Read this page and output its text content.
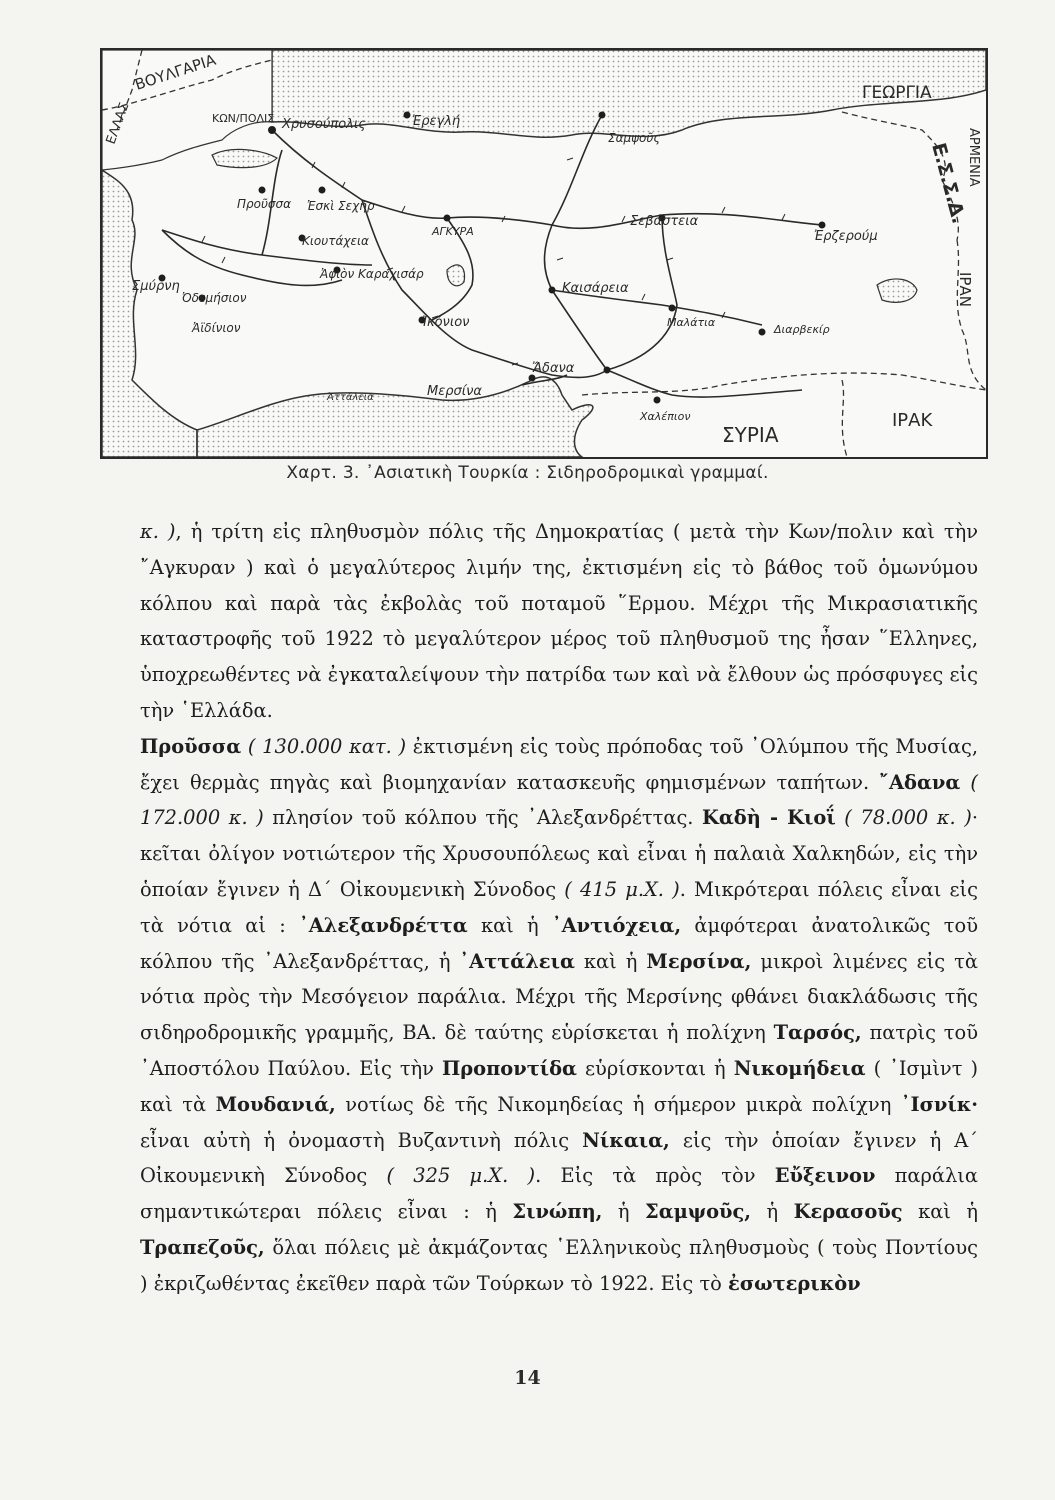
ΒΟΥΛΓΑΡΙΑ
ΕΛΛΑΣ
ΓΕΩΡΓΙΑ
Ε.Σ.Σ.Δ.
ΑΡΜΕΝΙΑ
ΙΡΑΝ
ΣΥΡΙΑ
ΙΡΑΚ
ΚΩΝ/ΠΟΛΙΣ Χρυσούπολις	Ἐρεγλή
Σαμψοῦς
Προῦσσα Ἐσκὶ Σεχὴρ
ΑΓΚΥΡΑ
Κιουτάχεια
Ἀφιὸν Καραχισάρ
Σμύρνη
Ὀδεμήσιον
Ἀϊδίνιον	Ἰκόνιον
Σεβάστεια
Ἐρζερούμ
Καισάρεια
Μαλάτια
Διαρβεκίρ
Ἄδανα
Μερσίνα
Ἀττάλεια
Χαλέπιον
Χαρτ. 3. ᾿Ασιατικὴ Τουρκία : Σιδηροδρομικαὶ γραμμαί.

κ. ), ἡ τρίτη εἰς πληθυσμὸν πόλις τῆς Δημοκρατίας ( μετὰ τὴν Κων/πολιν καὶ τὴν ῎Αγκυραν ) καὶ ὁ μεγαλύτερος λιμήν της, ἐκτισμένη εἰς τὸ βάθος τοῦ ὁμωνύμου κόλπου καὶ παρὰ τὰς ἐκβολὰς τοῦ ποταμοῦ ῞Ερμου. Μέχρι τῆς Μικρασιατικῆς καταστροφῆς τοῦ 1922 τὸ μεγαλύτερον μέρος τοῦ πληθυσμοῦ της ἦσαν ῞Ελληνες, ὑποχρεωθέντες νὰ ἐγκαταλείψουν τὴν πατρίδα των καὶ νὰ ἔλθουν ὡς πρόσφυγες εἰς τὴν ῾Ελλάδα.

Προῦσσα ( 130.000 κατ. ) ἐκτισμένη εἰς τοὺς πρόποδας τοῦ ᾿Ολύμπου τῆς Μυσίας, ἔχει θερμὰς πηγὰς καὶ βιομηχανίαν κατασκευῆς φημισμένων ταπήτων. ῎Αδανα ( 172.000 κ. ) πλησίον τοῦ κόλπου τῆς ᾿Αλεξανδρέττας. Καδὴ - Κιοΐ ( 78.000 κ. )· κεῖται ὀλίγον νοτιώτερον τῆς Χρυσουπόλεως καὶ εἶναι ἡ παλαιὰ Χαλκηδών, εἰς τὴν ὁποίαν ἔγινεν ἡ Δ΄ Οἰκουμενικὴ Σύνοδος ( 415 μ.Χ. ). Μικρότεραι πόλεις εἶναι εἰς τὰ νότια αἱ : ᾿Αλεξανδρέττα καὶ ἡ ᾿Αντιόχεια, ἀμφότεραι ἀνατολικῶς τοῦ κόλπου τῆς ᾿Αλεξανδρέττας, ἡ ᾿Αττάλεια καὶ ἡ Μερσίνα, μικροὶ λιμένες εἰς τὰ νότια πρὸς τὴν Μεσόγειον παράλια. Μέχρι τῆς Μερσίνης φθάνει διακλάδωσις τῆς σιδηροδρομικῆς γραμμῆς, ΒΑ. δὲ ταύτης εὑρίσκεται ἡ πολίχνη Ταρσός, πατρὶς τοῦ ᾿Αποστόλου Παύλου. Εἰς τὴν Προποντίδα εὑρίσκονται ἡ Νικομήδεια ( ᾿Ισμὶντ ) καὶ τὰ Μουδανιά, νοτίως δὲ τῆς Νικομηδείας ἡ σήμερον μικρὰ πολίχνη ᾿Ισνίκ· εἶναι αὐτὴ ἡ ὀνομαστὴ Βυζαντινὴ πόλις Νίκαια, εἰς τὴν ὁποίαν ἔγινεν ἡ Α΄ Οἰκουμενικὴ Σύνοδος ( 325 μ.Χ. ). Εἰς τὰ πρὸς τὸν Εὔξεινον παράλια σημαντικώτεραι πόλεις εἶναι : ἡ Σινώπη, ἡ Σαμψοῦς, ἡ Κερασοῦς καὶ ἡ Τραπεζοῦς, ὅλαι πόλεις μὲ ἀκμάζοντας ῾Ελληνικοὺς πληθυσμοὺς ( τοὺς Ποντίους ) ἐκριζωθέντας ἐκεῖθεν παρὰ τῶν Τούρκων τὸ 1922. Εἰς τὸ ἐσωτερικὸν

14
